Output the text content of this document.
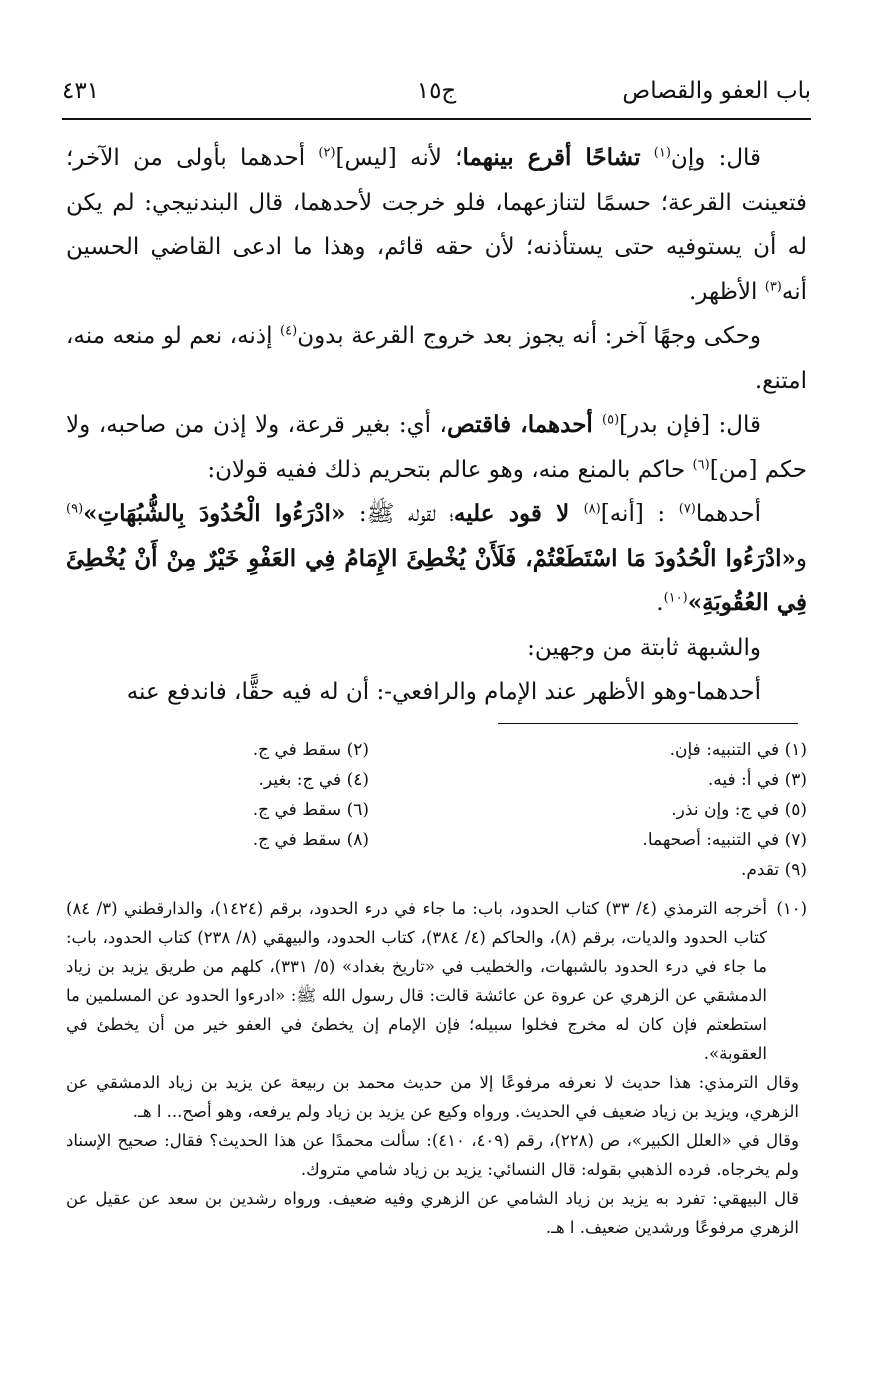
باب العفو والقصاص
ج١٥
٤٣١

قال: وإن$^{(١)}$ تشاحًا أقرع بينهما؛ لأنه [ليس]$^{(٢)}$ أحدهما بأولى من الآخر؛ فتعينت القرعة؛ حسمًا لتنازعهما، فلو خرجت لأحدهما، قال البندنيجي: لم يكن له أن يستوفيه حتى يستأذنه؛ لأن حقه قائم، وهذا ما ادعى القاضي الحسين أنه$^{(٣)}$ الأظهر.

وحكى وجهًا آخر: أنه يجوز بعد خروج القرعة بدون$^{(٤)}$ إذنه، نعم لو منعه منه، امتنع.

قال: [فإن بدر]$^{(٥)}$ أحدهما، فاقتص، أي: بغير قرعة، ولا إذن من صاحبه، ولا حكم [من]$^{(٦)}$ حاكم بالمنع منه، وهو عالم بتحريم ذلك ففيه قولان:

أحدهما$^{(٧)}$ : [أنه]$^{(٨)}$ لا قود عليه؛ لقوله ﷺ: «ادْرَءُوا الْحُدُودَ بِالشُّبُهَاتِ»$^{(٩)}$ و«ادْرَءُوا الْحُدُودَ مَا اسْتَطَعْتُمْ، فَلَأَنْ يُخْطِئَ الإِمَامُ فِي العَفْوِ خَيْرٌ مِنْ أَنْ يُخْطِئَ فِي العُقُوبَةِ»$^{(١٠)}$.

والشبهة ثابتة من وجهين:

أحدهما-وهو الأظهر عند الإمام والرافعي-: أن له فيه حقًّا، فاندفع عنه

(١) في التنبيه: فإن.
(٢) سقط في ج.
(٣) في أ: فيه.
(٤) في ج: بغير.
(٥) في ج: وإن نذر.
(٦) سقط في ج.
(٧) في التنبيه: أصحهما.
(٨) سقط في ج.
(٩) تقدم.

(١٠)
أخرجه الترمذي (٤/ ٣٣) كتاب الحدود، باب: ما جاء في درء الحدود، برقم (١٤٢٤)، والدارقطني (٣/ ٨٤) كتاب الحدود والديات، برقم (٨)، والحاكم (٤/ ٣٨٤)، كتاب الحدود، والبيهقي (٨/ ٢٣٨) كتاب الحدود، باب: ما جاء في درء الحدود بالشبهات، والخطيب في «تاريخ بغداد» (٥/ ٣٣١)، كلهم من طريق يزيد بن زياد الدمشقي عن الزهري عن عروة عن عائشة قالت: قال رسول الله ﷺ: «ادرءوا الحدود عن المسلمين ما استطعتم فإن كان له مخرج فخلوا سبيله؛ فإن الإمام إن يخطئ في العفو خير من أن يخطئ في العقوبة».

وقال الترمذي: هذا حديث لا نعرفه مرفوعًا إلا من حديث محمد بن ربيعة عن يزيد بن زياد الدمشقي عن الزهري، ويزيد بن زياد ضعيف في الحديث. ورواه وكيع عن يزيد بن زياد ولم يرفعه، وهو أصح... ا هـ.

وقال في «العلل الكبير»، ص (٢٢٨)، رقم (٤٠٩، ٤١٠): سألت محمدًا عن هذا الحديث؟ فقال: صحيح الإسناد ولم يخرجاه. فرده الذهبي بقوله: قال النسائي: يزيد بن زياد شامي متروك.

قال البيهقي: تفرد به يزيد بن زياد الشامي عن الزهري وفيه ضعيف. ورواه رشدين بن سعد عن عقيل عن الزهري مرفوعًا ورشدين ضعيف. ا هـ.
